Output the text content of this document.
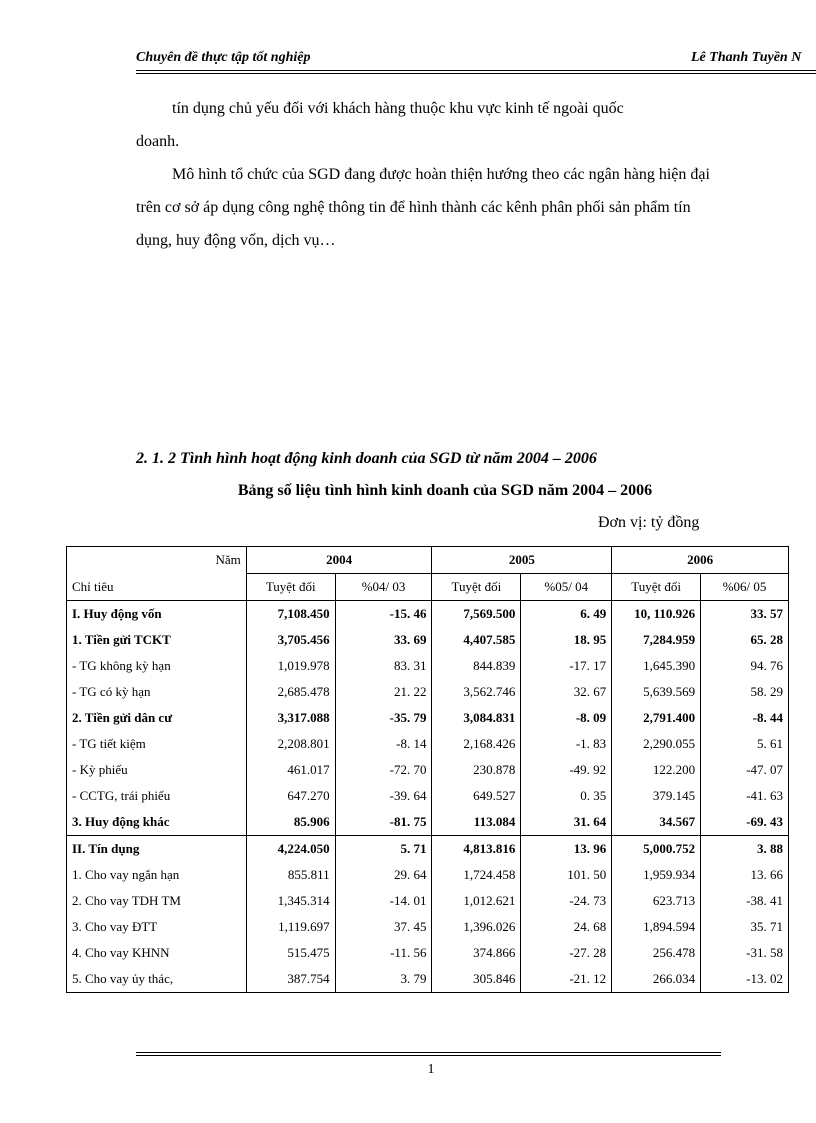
Chuyên đề thực tập tốt nghiệp	Lê Thanh Tuyền N
tín dụng chủ yếu đối với khách hàng thuộc khu vực kinh tế ngoài quốc
doanh.
Mô hình tổ chức của SGD đang được hoàn thiện hướng theo các ngân hàng hiện đại trên cơ sở áp dụng công nghệ thông tin để hình thành các kênh phân phối sản phẩm tín dụng, huy động vốn, dịch vụ…
2. 1. 2 Tình hình hoạt động kinh doanh của SGD từ năm 2004 – 2006
Bảng số liệu tình hình kinh doanh của SGD năm 2004 – 2006
Đơn vị: tỷ đồng
Năm	2004		2005		2006	
Chỉ tiêu	Tuyệt đối	%04/ 03	Tuyệt đối	%05/ 04	Tuyệt đối	%06/ 05
I. Huy động vốn	7,108.450	-15. 46	7,569.500	6. 49	10, 110.926	33. 57
1. Tiền gửi TCKT	3,705.456	33. 69	4,407.585	18. 95	7,284.959	65. 28
- TG không kỳ hạn	1,019.978	83. 31	844.839	-17. 17	1,645.390	94. 76
- TG có kỳ hạn	2,685.478	21. 22	3,562.746	32. 67	5,639.569	58. 29
2. Tiền gửi dân cư	3,317.088	-35. 79	3,084.831	-8. 09	2,791.400	-8. 44
- TG tiết kiệm	2,208.801	-8. 14	2,168.426	-1. 83	2,290.055	5. 61
- Kỳ phiếu	461.017	-72. 70	230.878	-49. 92	122.200	-47. 07
- CCTG, trái phiếu	647.270	-39. 64	649.527	0. 35	379.145	-41. 63
3. Huy động khác	85.906	-81. 75	113.084	31. 64	34.567	-69. 43
II. Tín dụng	4,224.050	5. 71	4,813.816	13. 96	5,000.752	3. 88
1. Cho vay ngắn hạn	855.811	29. 64	1,724.458	101. 50	1,959.934	13. 66
2. Cho vay TDH TM	1,345.314	-14. 01	1,012.621	-24. 73	623.713	-38. 41
3. Cho vay ĐTT	1,119.697	37. 45	1,396.026	24. 68	1,894.594	35. 71
4. Cho vay KHNN	515.475	-11. 56	374.866	-27. 28	256.478	-31. 58
5. Cho vay ủy thác,	387.754	3. 79	305.846	-21. 12	266.034	-13. 02
1
